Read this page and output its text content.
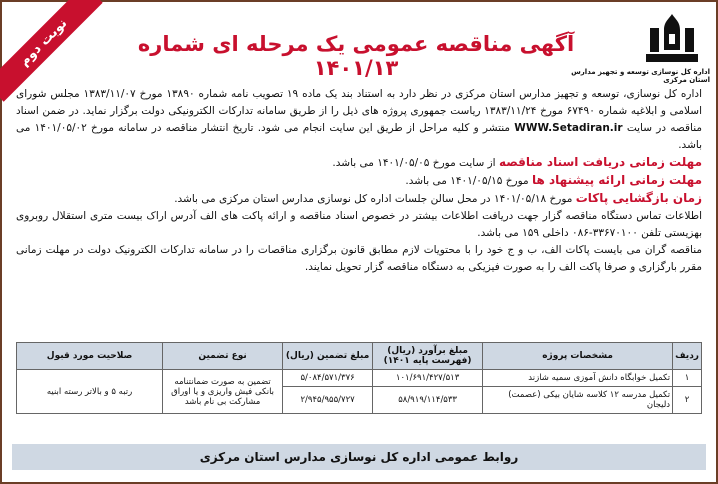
نوبت دوم
اداره کل نوسازی توسعه و تجهیز مدارس استان مرکزی
آگهی مناقصه عمومی یک مرحله ای شماره ۱۴۰۱/۱۳

اداره کل نوسازی، توسعه و تجهیز مدارس استان مرکزی در نظر دارد به استناد بند یک ماده ۱۹ تصویب نامه شماره ۱۳۸۹۰ مورخ ۱۳۸۳/۱۱/۰۷ مجلس شورای اسلامی و ابلاغیه شماره ۶۷۴۹۰ مورخ ۱۳۸۳/۱۱/۲۴ ریاست جمهوری پروژه های ذیل را از طریق سامانه تدارکات الکترونیکی دولت برگزار نماید. در ضمن اسناد مناقصه در سایت WWW.Setadiran.ir منتشر و کلیه مراحل از طریق این سایت انجام می شود. تاریخ انتشار مناقصه در سامانه مورخ ۱۴۰۱/۰۵/۰۲ می باشد.

مهلت زمانی دریافت اسناد مناقصه از سایت مورخ ۱۴۰۱/۰۵/۰۵ می باشد.

مهلت زمانی ارائه پیشنهاد ها مورخ ۱۴۰۱/۰۵/۱۵ می باشد.

زمان بازگشایی پاکات مورخ ۱۴۰۱/۰۵/۱۸ در محل سالن جلسات اداره کل نوسازی مدارس استان مرکزی می باشد.

اطلاعات تماس دستگاه مناقصه گزار جهت دریافت اطلاعات بیشتر در خصوص اسناد مناقصه و ارائه پاکت های الف آدرس اراک بیست متری استقلال روبروی بهزیستی تلفن ۳۳۶۷۰۱۰۰-۰۸۶ داخلی ۱۵۹ می باشد.

مناقصه گران می بایست پاکات الف، ب و ج خود را با محتویات لازم مطابق قانون برگزاری مناقصات را در سامانه تدارکات الکترونیک دولت در مهلت زمانی مقرر بارگزاری و صرفا پاکت الف را به صورت فیزیکی به دستگاه مناقصه گزار تحویل نمایند.

ردیف	مشخصات پروژه	مبلغ برآورد (ریال) (فهرست پایه ۱۴۰۱)	مبلغ تضمین (ریال)	نوع تضمین	صلاحیت مورد قبول
۱	تکمیل خوابگاه دانش آموزی سمیه شازند	۱۰۱/۶۹۱/۴۲۷/۵۱۳	۵/۰۸۴/۵۷۱/۳۷۶	تضمین به صورت ضمانتنامه بانکی فیش واریزی و یا اوراق مشارکت بی نام باشد	رتبه ۵ و بالاتر رسته ابنیه
۲	تکمیل مدرسه ۱۲ کلاسه شایان بیکی (عصمت) دلیجان	۵۸/۹۱۹/۱۱۴/۵۳۳	۲/۹۴۵/۹۵۵/۷۲۷		
روابط عمومی اداره کل نوسازی مدارس استان مرکزی
